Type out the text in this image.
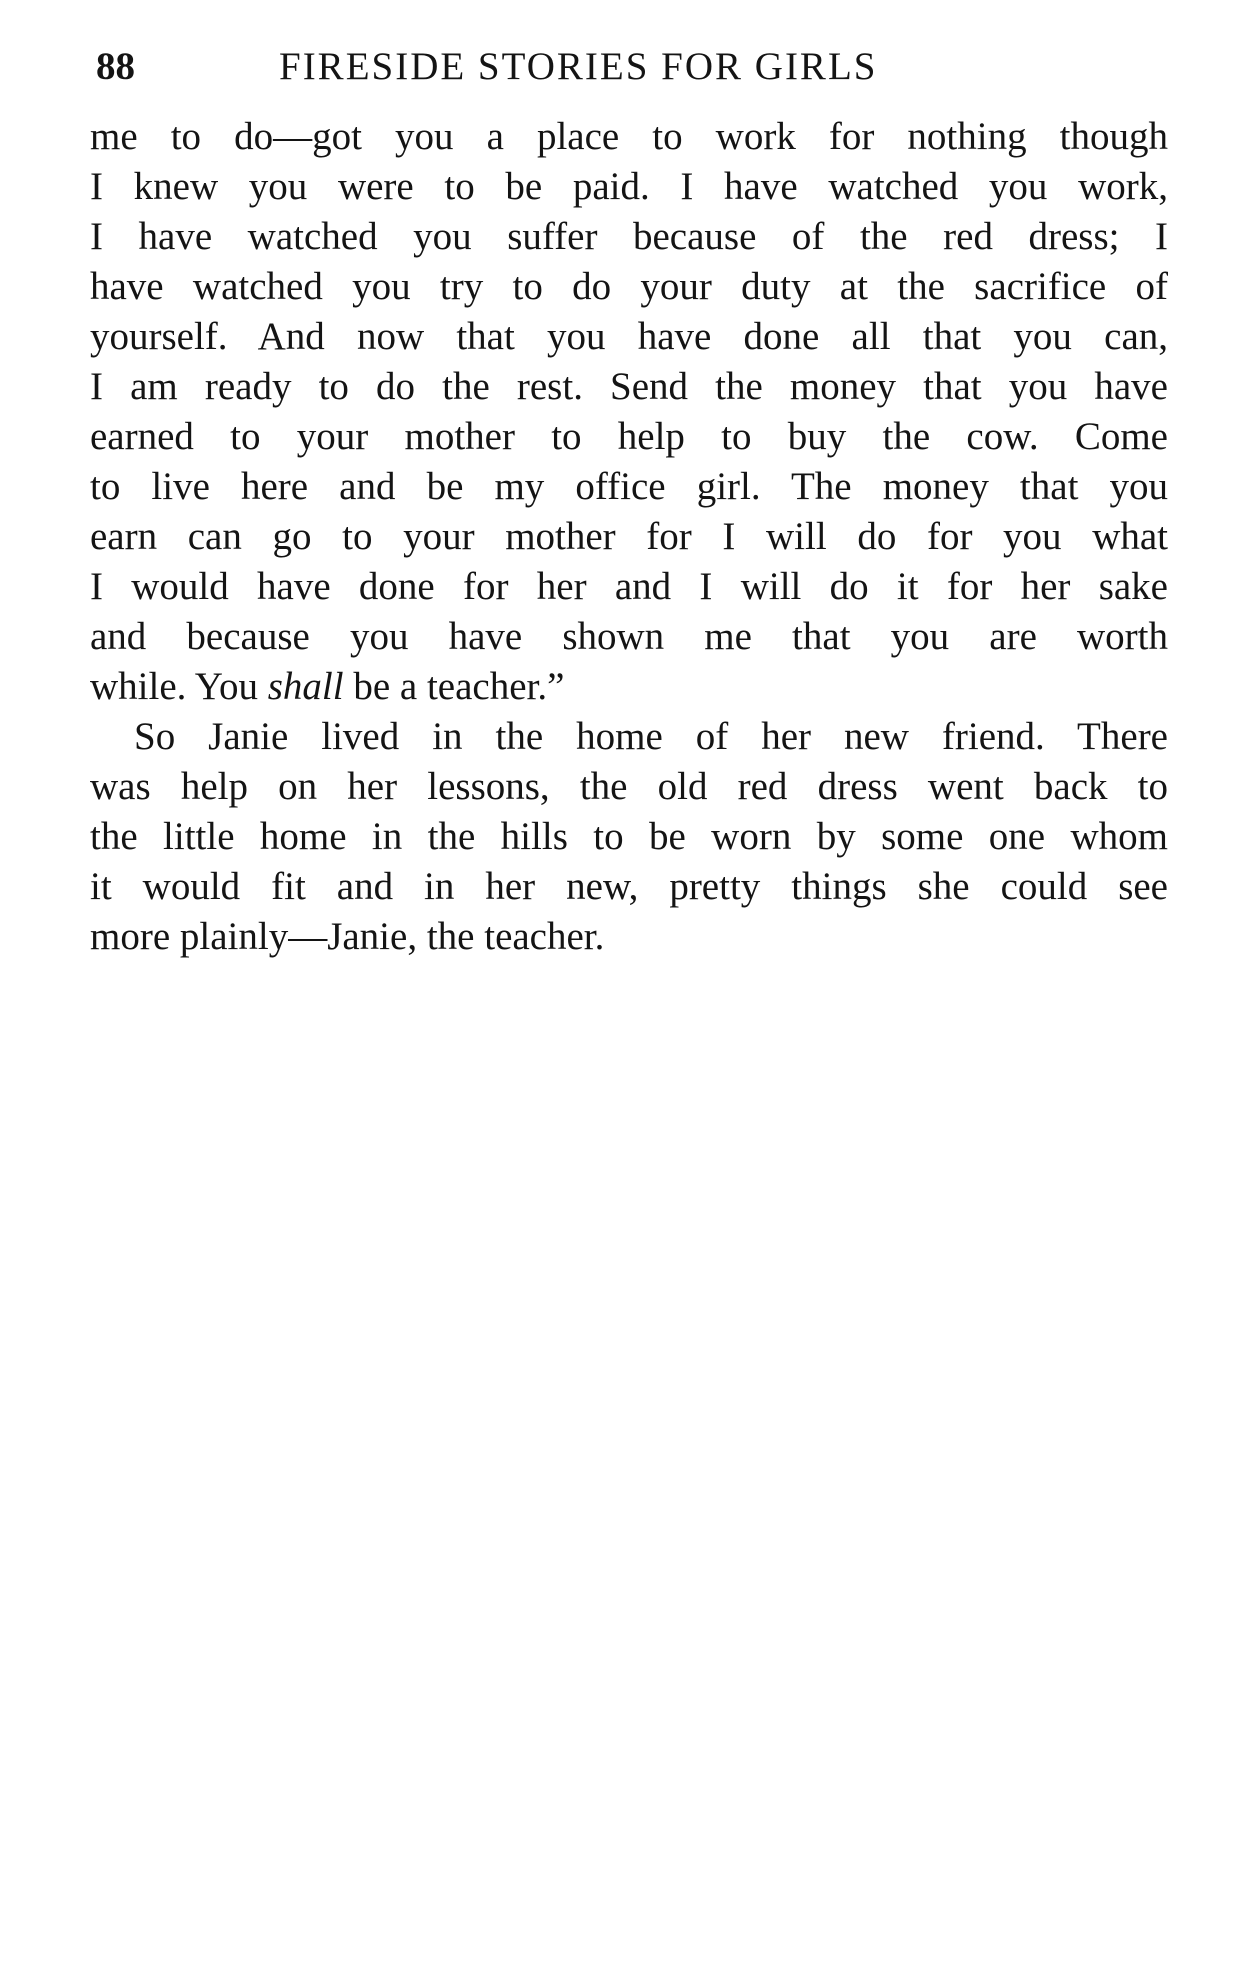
88	FIRESIDE STORIES FOR GIRLS
me to do—got you a place to work for nothing though
I knew you were to be paid. I have watched you work,
I have watched you suffer because of the red dress; I
have watched you try to do your duty at the sacrifice of
yourself. And now that you have done all that you can,
I am ready to do the rest. Send the money that you have
earned to your mother to help to buy the cow. Come
to live here and be my office girl. The money that you
earn can go to your mother for I will do for you what
I would have done for her and I will do it for her sake
and because you have shown me that you are worth
while. You shall be a teacher.”
So Janie lived in the home of her new friend. There
was help on her lessons, the old red dress went back to
the little home in the hills to be worn by some one whom
it would fit and in her new, pretty things she could see
more plainly—Janie, the teacher.
